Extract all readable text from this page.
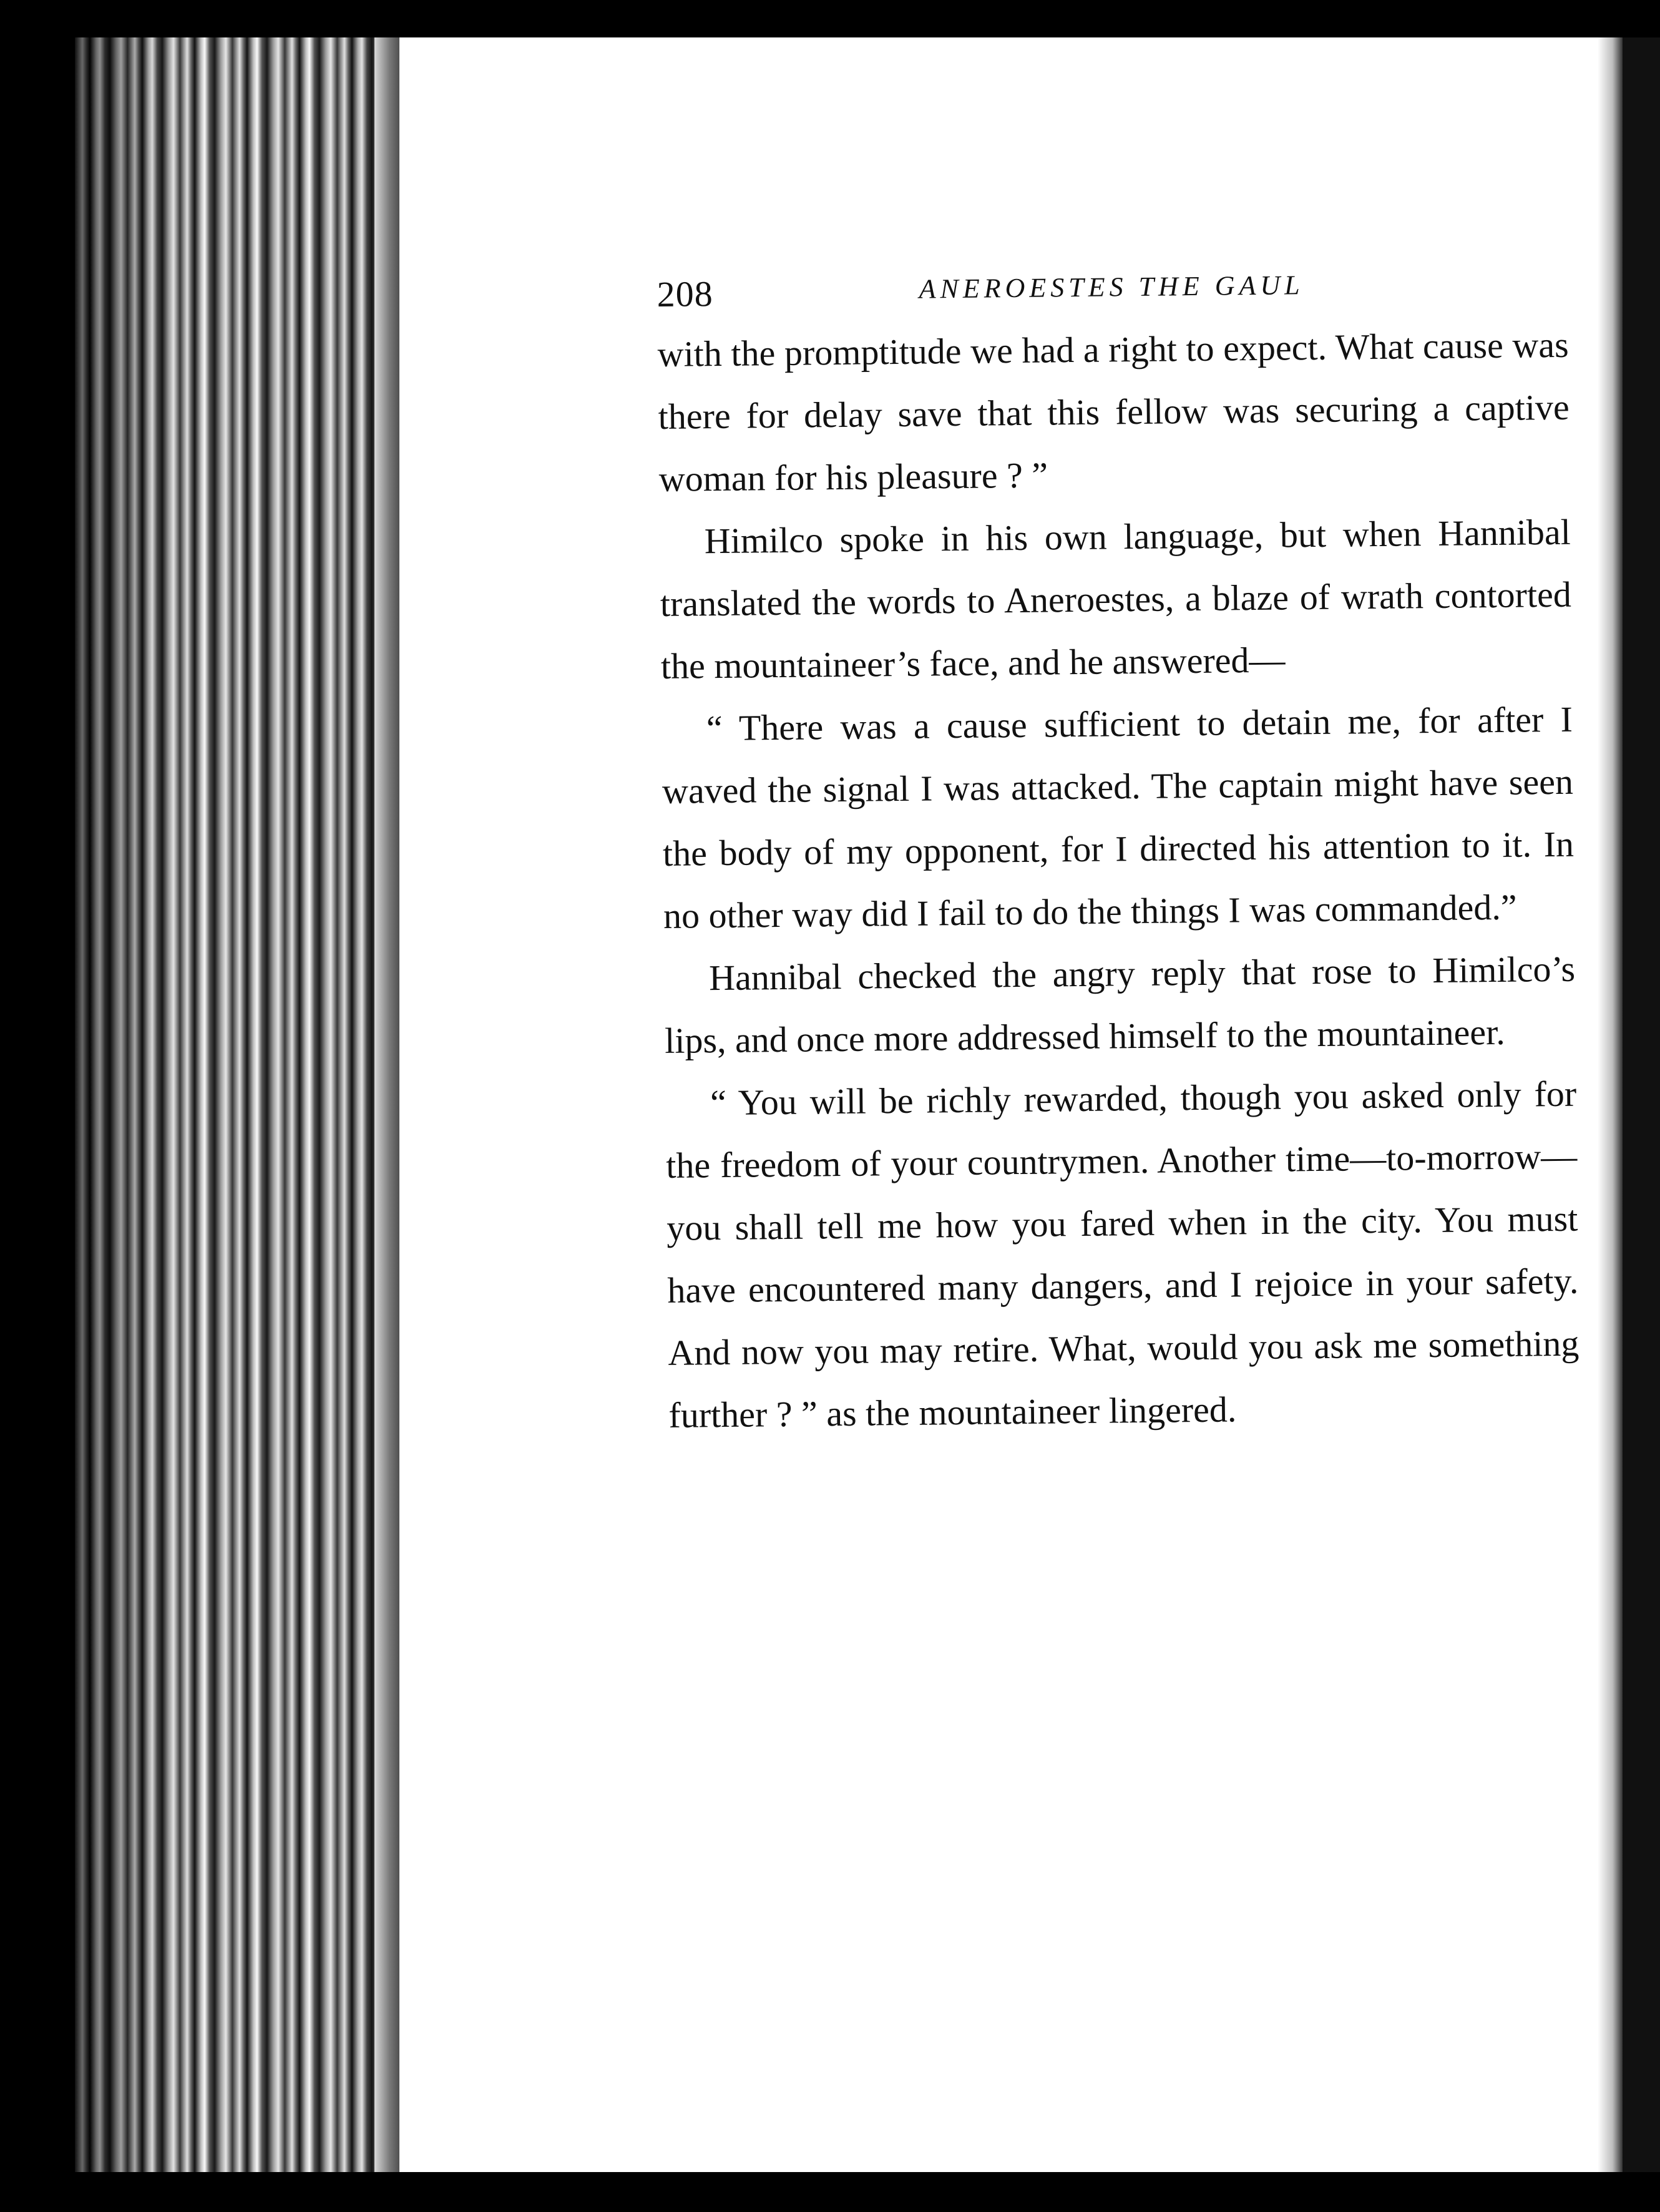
208	ANEROESTES THE GAUL

with the promptitude we had a right to expect. What cause was there for delay save that this fellow was securing a captive woman for his pleasure ? ”

Himilco spoke in his own language, but when Hannibal translated the words to Aneroestes, a blaze of wrath contorted the mountaineer’s face, and he answered—

“ There was a cause sufficient to detain me, for after I waved the signal I was attacked. The captain might have seen the body of my opponent, for I directed his attention to it. In no other way did I fail to do the things I was commanded.”

Hannibal checked the angry reply that rose to Himilco’s lips, and once more addressed himself to the mountaineer.

“ You will be richly rewarded, though you asked only for the freedom of your countrymen. Another time—to-morrow—you shall tell me how you fared when in the city. You must have encountered many dangers, and I rejoice in your safety. And now you may retire. What, would you ask me something further ? ” as the mountaineer lingered.
